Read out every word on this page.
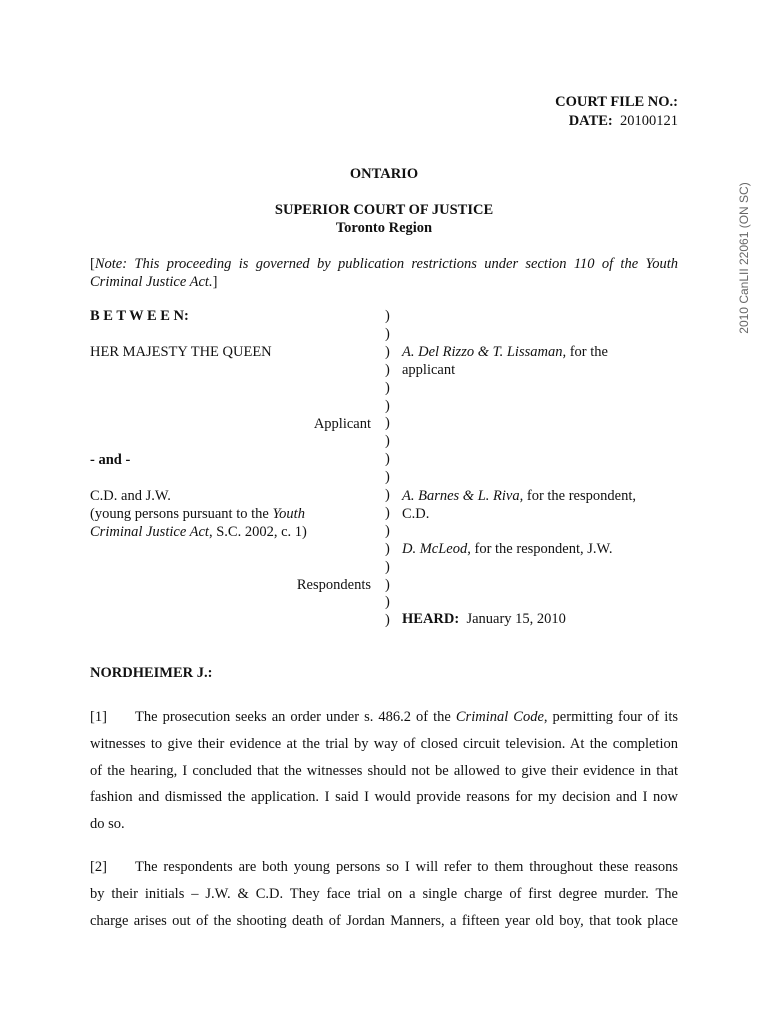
2010 CanLII 22061 (ON SC)
COURT FILE NO.:
DATE: 20100121
ONTARIO
SUPERIOR COURT OF JUSTICE
Toronto Region
[Note: This proceeding is governed by publication restrictions under section 110 of the Youth
Criminal Justice Act.]
B E T W E E N:
HER MAJESTY THE QUEEN
Applicant
- and -
C.D. and J.W.
(young persons pursuant to the Youth
Criminal Justice Act, S.C. 2002, c. 1)
Respondents
)
)
)
)
)
)
)
)
)
)
)
)
)
)
)
)
)
)
A. Del Rizzo & T. Lissaman, for the
applicant
A. Barnes & L. Riva, for the respondent,
C.D.
D. McLeod, for the respondent, J.W.
HEARD: January 15, 2010
NORDHEIMER J.:
[1] The prosecution seeks an order under s. 486.2 of the Criminal Code, permitting four of its
witnesses to give their evidence at the trial by way of closed circuit television. At the completion
of the hearing, I concluded that the witnesses should not be allowed to give their evidence in that
fashion and dismissed the application. I said I would provide reasons for my decision and I now
do so.
[2] The respondents are both young persons so I will refer to them throughout these reasons
by their initials – J.W. & C.D. They face trial on a single charge of first degree murder. The
charge arises out of the shooting death of Jordan Manners, a fifteen year old boy, that took place
